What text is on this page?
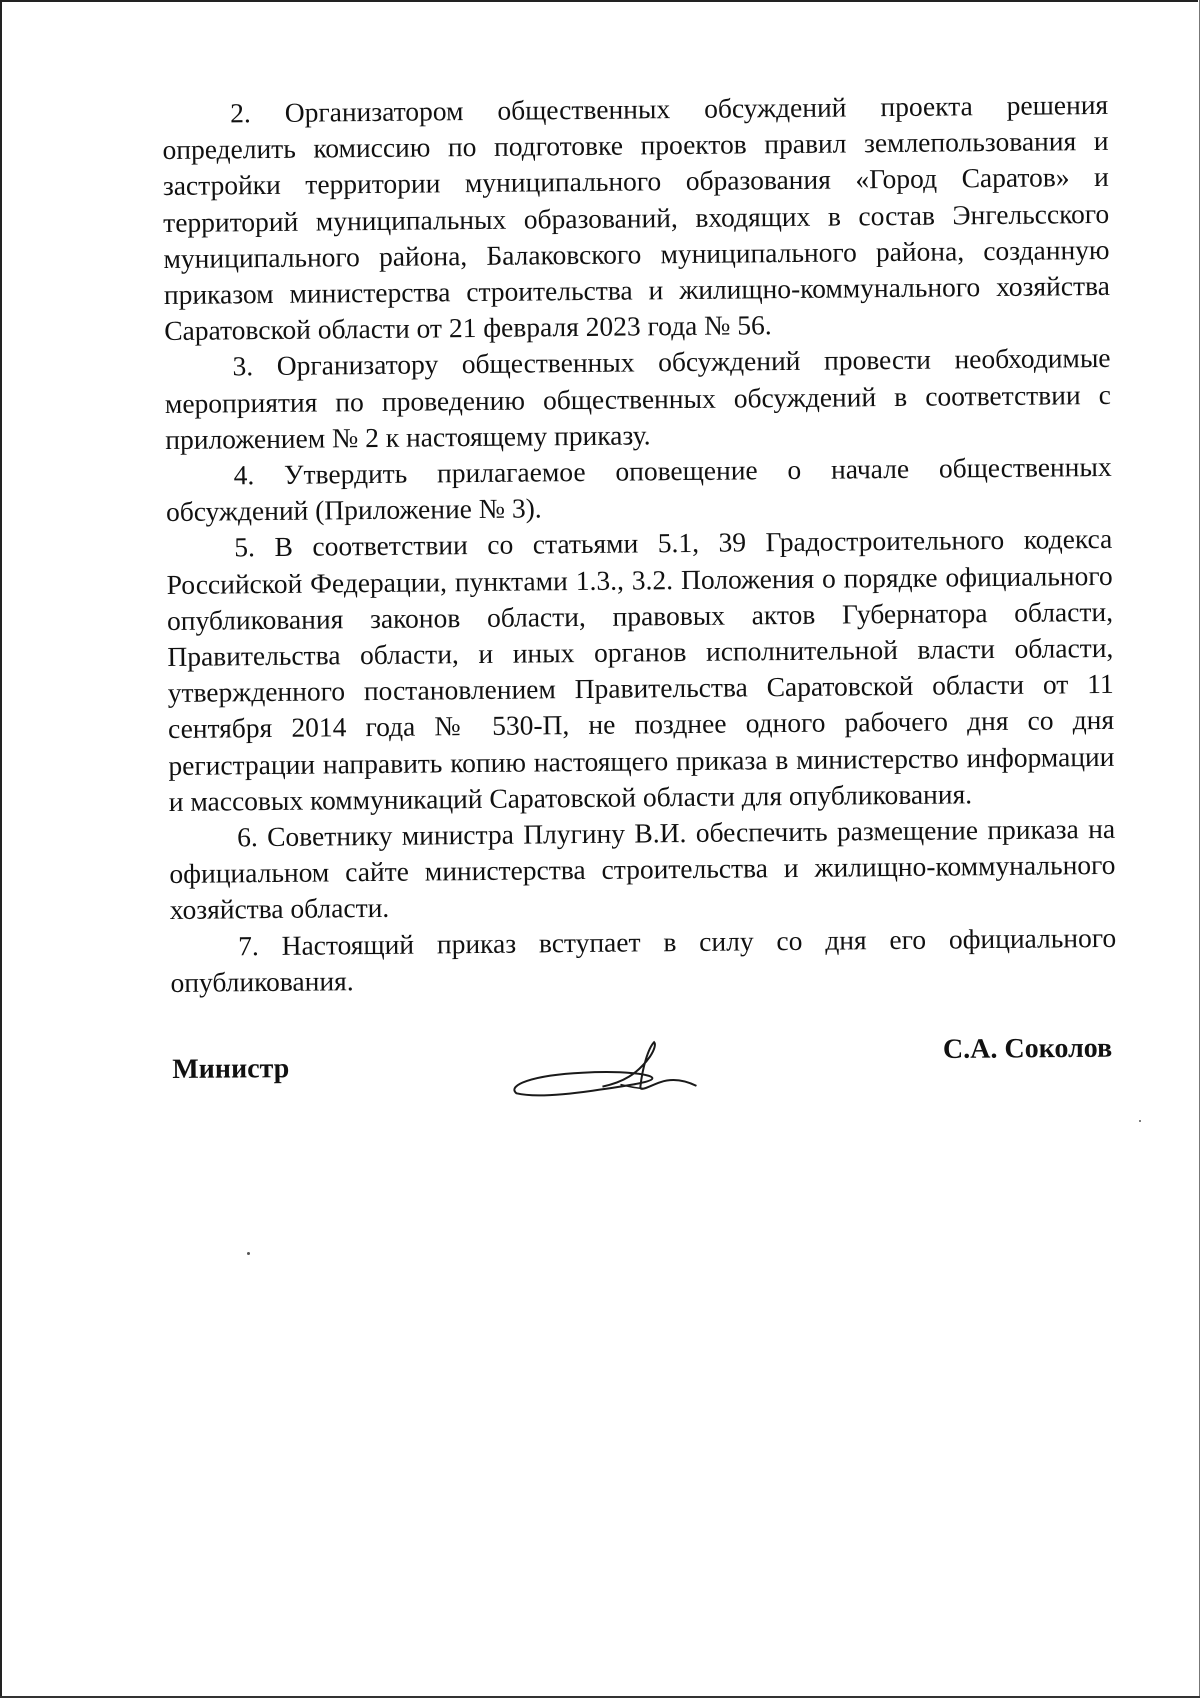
2. Организатором общественных обсуждений проекта решения определить комиссию по подготовке проектов правил землепользования и застройки территории муниципального образования «Город Саратов» и территорий муниципальных образований, входящих в состав Энгельсского муниципального района, Балаковского муниципального района, созданную приказом министерства строительства и жилищно-коммунального хозяйства Саратовской области от 21 февраля 2023 года № 56.

3. Организатору общественных обсуждений провести необходимые мероприятия по проведению общественных обсуждений в соответствии с приложением № 2 к настоящему приказу.

4. Утвердить прилагаемое оповещение о начале общественных обсуждений (Приложение № 3).

5. В соответствии со статьями 5.1, 39 Градостроительного кодекса Российской Федерации, пунктами 1.3., 3.2. Положения о порядке официального опубликования законов области, правовых актов Губернатора области, Правительства области, и иных органов исполнительной власти области, утвержденного постановлением Правительства Саратовской области от 11 сентября 2014 года № 530-П, не позднее одного рабочего дня со дня регистрации направить копию настоящего приказа в министерство информации и массовых коммуникаций Саратовской области для опубликования.

6. Советнику министра Плугину В.И. обеспечить размещение приказа на официальном сайте министерства строительства и жилищно-коммунального хозяйства области.

7. Настоящий приказ вступает в силу со дня его официального опубликования.

Министр
С.А. Соколов
